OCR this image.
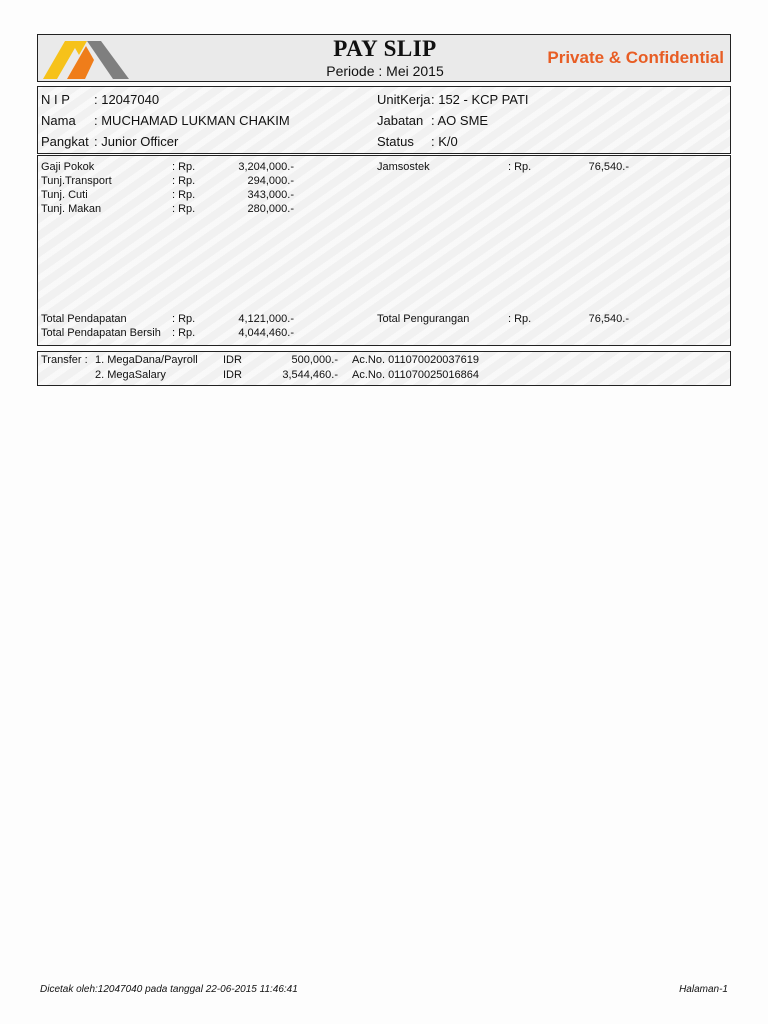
PAY SLIP
Periode : Mei 2015
Private & Confidential
N I P : 12047040
Nama : MUCHAMAD LUKMAN CHAKIM
Pangkat : Junior Officer
UnitKerja : 152 - KCP PATI
Jabatan : AO SME
Status : K/0
Gaji Pokok	: Rp.	3,204,000.-
Tunj.Transport	: Rp.	294,000.-
Tunj. Cuti	: Rp.	343,000.-
Tunj. Makan	: Rp.	280,000.-
Jamsostek	: Rp.	76,540.-
Total Pendapatan	: Rp.	4,121,000.-
Total Pendapatan Bersih : Rp.	4,044,460.-
Total Pengurangan	: Rp.	76,540.-
Transfer : 1. MegaDana/Payroll IDR	500,000.- Ac.No. 011070020037619
2. MegaSalary	IDR	3,544,460.- Ac.No. 011070025016864
Dicetak oleh:12047040 pada tanggal 22-06-2015 11:46:41	Halaman-1
